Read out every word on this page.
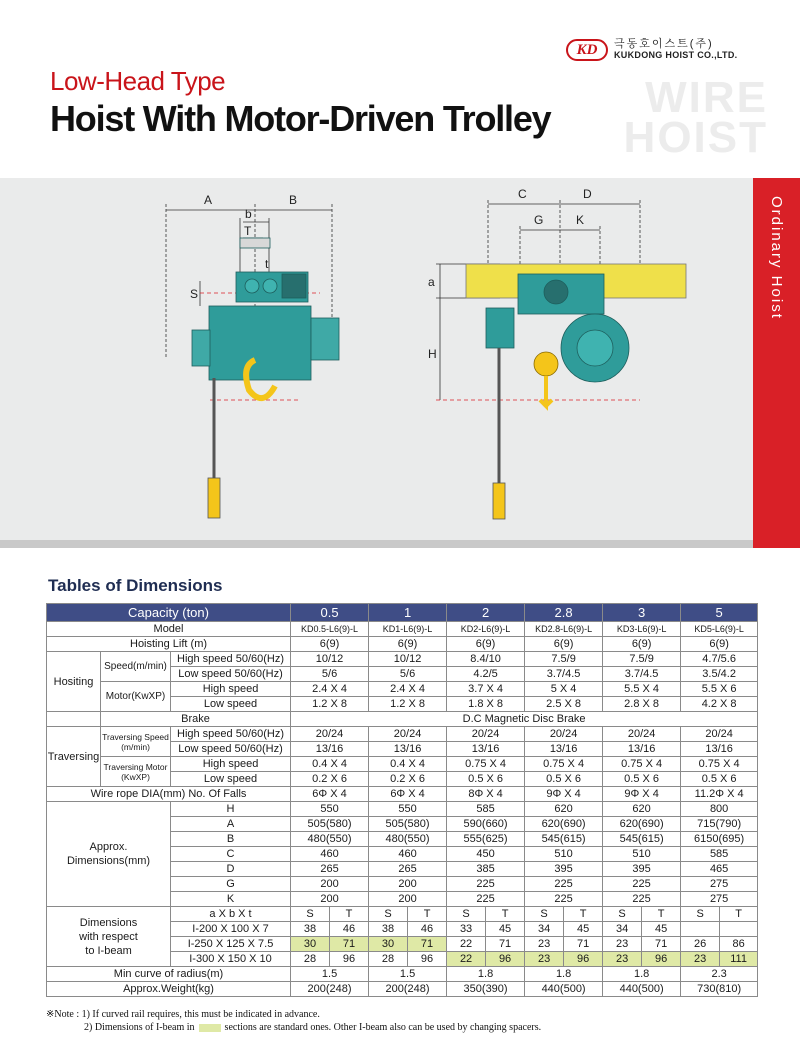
KD	극동호이스트(주)
KUKDONG HOIST CO.,LTD.
WIRE
HOIST
Low-Head Type
Hoist With Motor-Driven Trolley
A	B
b
T
t
S
C	D
G	K
a
H
Ordinary Hoist
Tables of Dimensions
Capacity (ton)			0.5		1		2		2.8		3		5	
Model			KD0.5-L6(9)-L		KD1-L6(9)-L		KD2-L6(9)-L		KD2.8-L6(9)-L		KD3-L6(9)-L		KD5-L6(9)-L	
Hoisting Lift (m)			6(9)		6(9)		6(9)		6(9)		6(9)		6(9)	
Hositing	Speed(m/min)	High speed 50/60(Hz)	10/12		10/12		8.4/10		7.5/9		7.5/9		4.7/5.6	
		Low speed 50/60(Hz)	5/6		5/6		4.2/5		3.7/4.5		3.7/4.5		3.5/4.2	
	Motor(KwXP)	High speed	2.4 X 4		2.4 X 4		3.7 X 4		5 X 4		5.5 X 4		5.5 X 6	
		Low speed	1.2 X 8		1.2 X 8		1.8 X 8		2.5 X 8		2.8 X 8		4.2 X 8	
	Brake		D.C Magnetic Disc Brake											
Traversing	Traversing Speed
(m/min)	High speed 50/60(Hz)	20/24		20/24		20/24		20/24		20/24		20/24	
		Low speed 50/60(Hz)	13/16		13/16		13/16		13/16		13/16		13/16	

	Traversing Motor
(KwXP)	High speed	0.4 X 4		0.4 X 4		0.75 X 4		0.75 X 4		0.75 X 4		0.75 X 4	
		Low speed	0.2 X 6		0.2 X 6		0.5 X 6		0.5 X 6		0.5 X 6		0.5 X 6	
Wire rope DIA(mm) No. Of Falls			6Φ X 4		6Φ X 4		8Φ X 4		9Φ X 4		9Φ X 4		11.2Φ X 4	

Approx.
Dimensions(mm)		H	550		550		585		620		620		800	
		A	505(580)		505(580)		590(660)		620(690)		620(690)		715(790)	
		B	480(550)		480(550)		555(625)		545(615)		545(615)		6150(695)	
		C	460		460		450		510		510		585	
		D	265		265		385		395		395		465	
		G	200		200		225		225		225		275	
		K	200		200		225		225		225		275	

Dimensions
with respect
to I-beam		a X b X t	S	T	S	T	S	T	S	T	S	T	S	T
		I-200 X 100 X 7	38	46	38	46	33	45	34	45	34	45		
		I-250 X 125 X 7.5	30	71	30	71	22	71	23	71	23	71	26	86
		I-300 X 150 X 10	28	96	28	96	22	96	23	96	23	96	23	111
Min curve of radius(m)			1.5		1.5		1.8		1.8		1.8		2.3	
Approx.Weight(kg)			200(248)		200(248)		350(390)		440(500)		440(500)		730(810)	
※Note : 1) If curved rail requires, this must be indicated in advance.
2) Dimensions of I-beam in	sections are standard ones. Other I-beam also can be used by changing spacers.
